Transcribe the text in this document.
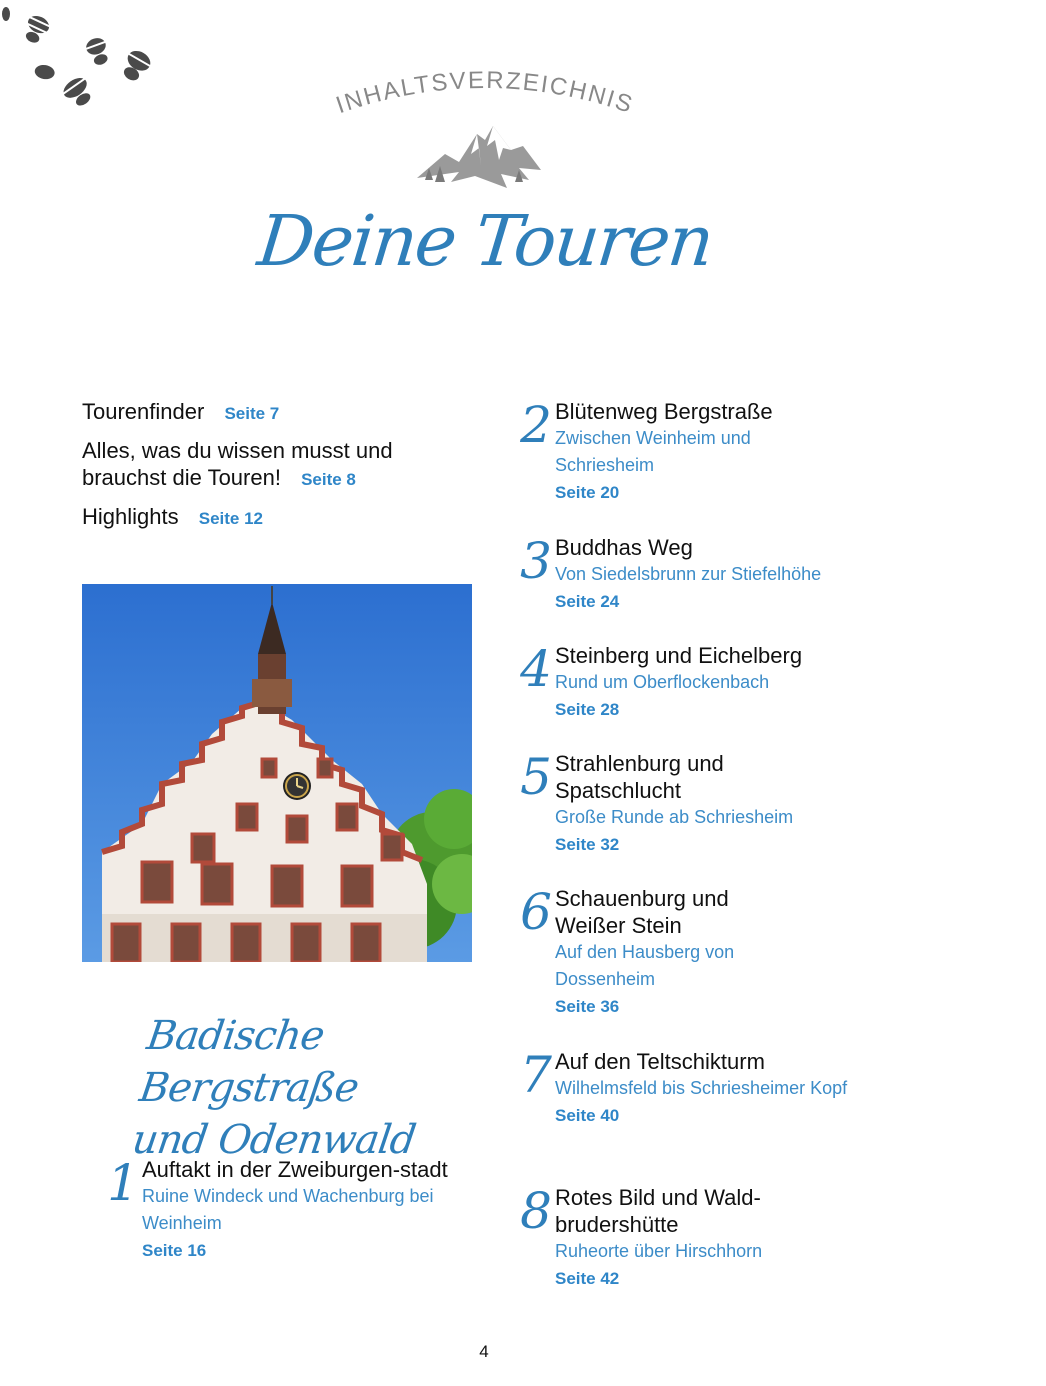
INHALTSVERZEICHNIS
Deine Touren
Tourenfinder Seite 7
Alles, was du wissen musst und brauchst die Touren! Seite 8
Highlights Seite 12
Badische Bergstraße
und Odenwald
1 Auftakt in der Zweiburgen-stadt
Ruine Windeck und Wachenburg bei Weinheim
Seite 16
2 Blütenweg Bergstraße
Zwischen Weinheim und Schriesheim
Seite 20
3 Buddhas Weg
Von Siedelsbrunn zur Stiefelhöhe
Seite 24
4 Steinberg und Eichelberg
Rund um Oberflockenbach
Seite 28
5 Strahlenburg und Spatschlucht
Große Runde ab Schriesheim
Seite 32
6 Schauenburg und Weißer Stein
Auf den Hausberg von Dossenheim
Seite 36
7 Auf den Teltschikturm
Wilhelmsfeld bis Schriesheimer Kopf
Seite 40
8 Rotes Bild und Wald-brudershütte
Ruheorte über Hirschhorn
Seite 42
4
